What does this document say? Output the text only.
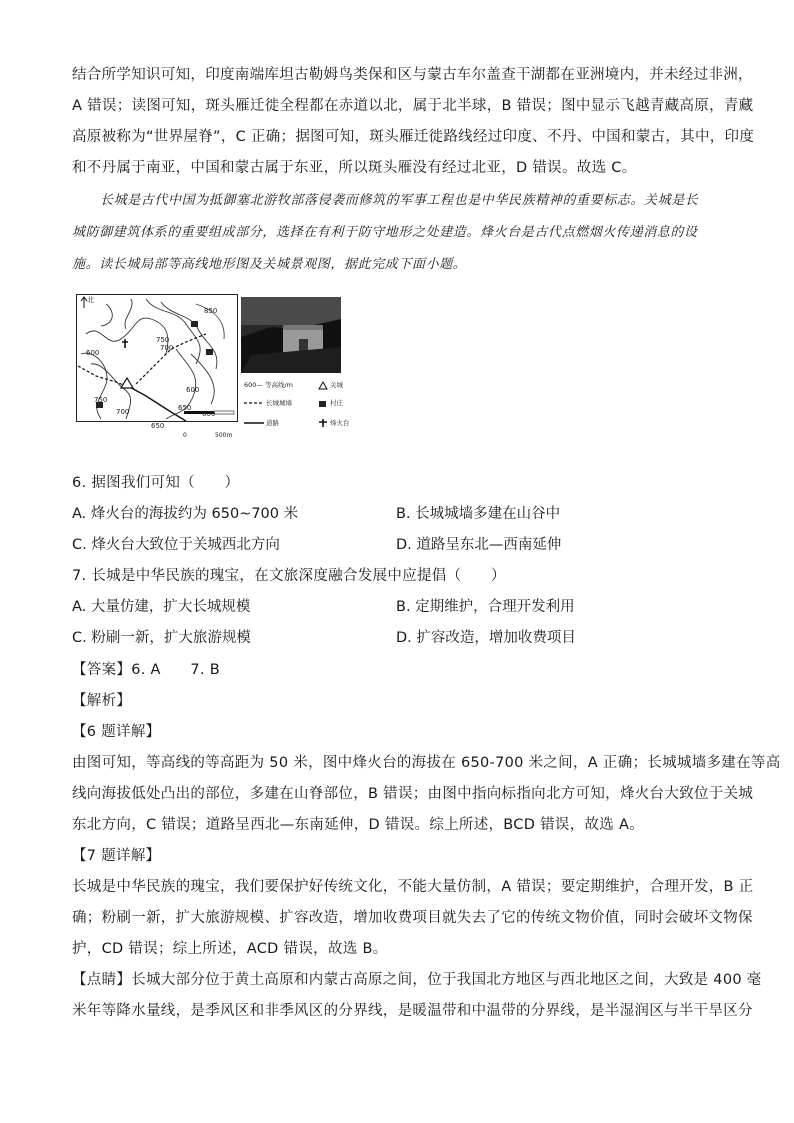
结合所学知识可知，印度南端库坦古勒姆鸟类保和区与蒙古车尔盖查干湖都在亚洲境内，并未经过非洲，
A 错误；读图可知，斑头雁迁徙全程都在赤道以北，属于北半球，B 错误；图中显示飞越青藏高原，青藏
高原被称为“世界屋脊”，C 正确；据图可知，斑头雁迁徙路线经过印度、不丹、中国和蒙古，其中，印度
和不丹属于南亚，中国和蒙古属于东亚，所以斑头雁没有经过北亚，D 错误。故选 C。
长城是古代中国为抵御塞北游牧部落侵袭而修筑的军事工程也是中华民族精神的重要标志。关城是长
城防御建筑体系的重要组成部分，选择在有利于防守地形之处建造。烽火台是古代点燃烟火传递消息的设
施。读长城局部等高线地形图及关城景观图，据此完成下面小题。
北
850
750
700
600
750
700	650
600
650
600
0	500m
600— 等高线/m
长城城墙
道路
关城
村庄
烽火台
6. 据图我们可知（　　）
A. 烽火台的海拔约为 650~700 米	B. 长城城墙多建在山谷中
C. 烽火台大致位于关城西北方向	D. 道路呈东北—西南延伸
7. 长城是中华民族的瑰宝，在文旅深度融合发展中应提倡（　　）
A. 大量仿建，扩大长城规模	B. 定期维护，合理开发利用
C. 粉刷一新，扩大旅游规模	D. 扩容改造，增加收费项目
【答案】6. A　　7. B
【解析】
【6 题详解】
由图可知，等高线的等高距为 50 米，图中烽火台的海拔在 650-700 米之间，A 正确；长城城墙多建在等高
线向海拔低处凸出的部位，多建在山脊部位，B 错误；由图中指向标指向北方可知，烽火台大致位于关城
东北方向，C 错误；道路呈西北—东南延伸，D 错误。综上所述，BCD 错误，故选 A。
【7 题详解】
长城是中华民族的瑰宝，我们要保护好传统文化，不能大量仿制，A 错误；要定期维护，合理开发，B 正
确；粉刷一新，扩大旅游规模、扩容改造，增加收费项目就失去了它的传统文物价值，同时会破坏文物保
护，CD 错误；综上所述，ACD 错误，故选 B。
【点睛】长城大部分位于黄土高原和内蒙古高原之间，位于我国北方地区与西北地区之间，大致是 400 毫
米年等降水量线，是季风区和非季风区的分界线，是暖温带和中温带的分界线，是半湿润区与半干旱区分
